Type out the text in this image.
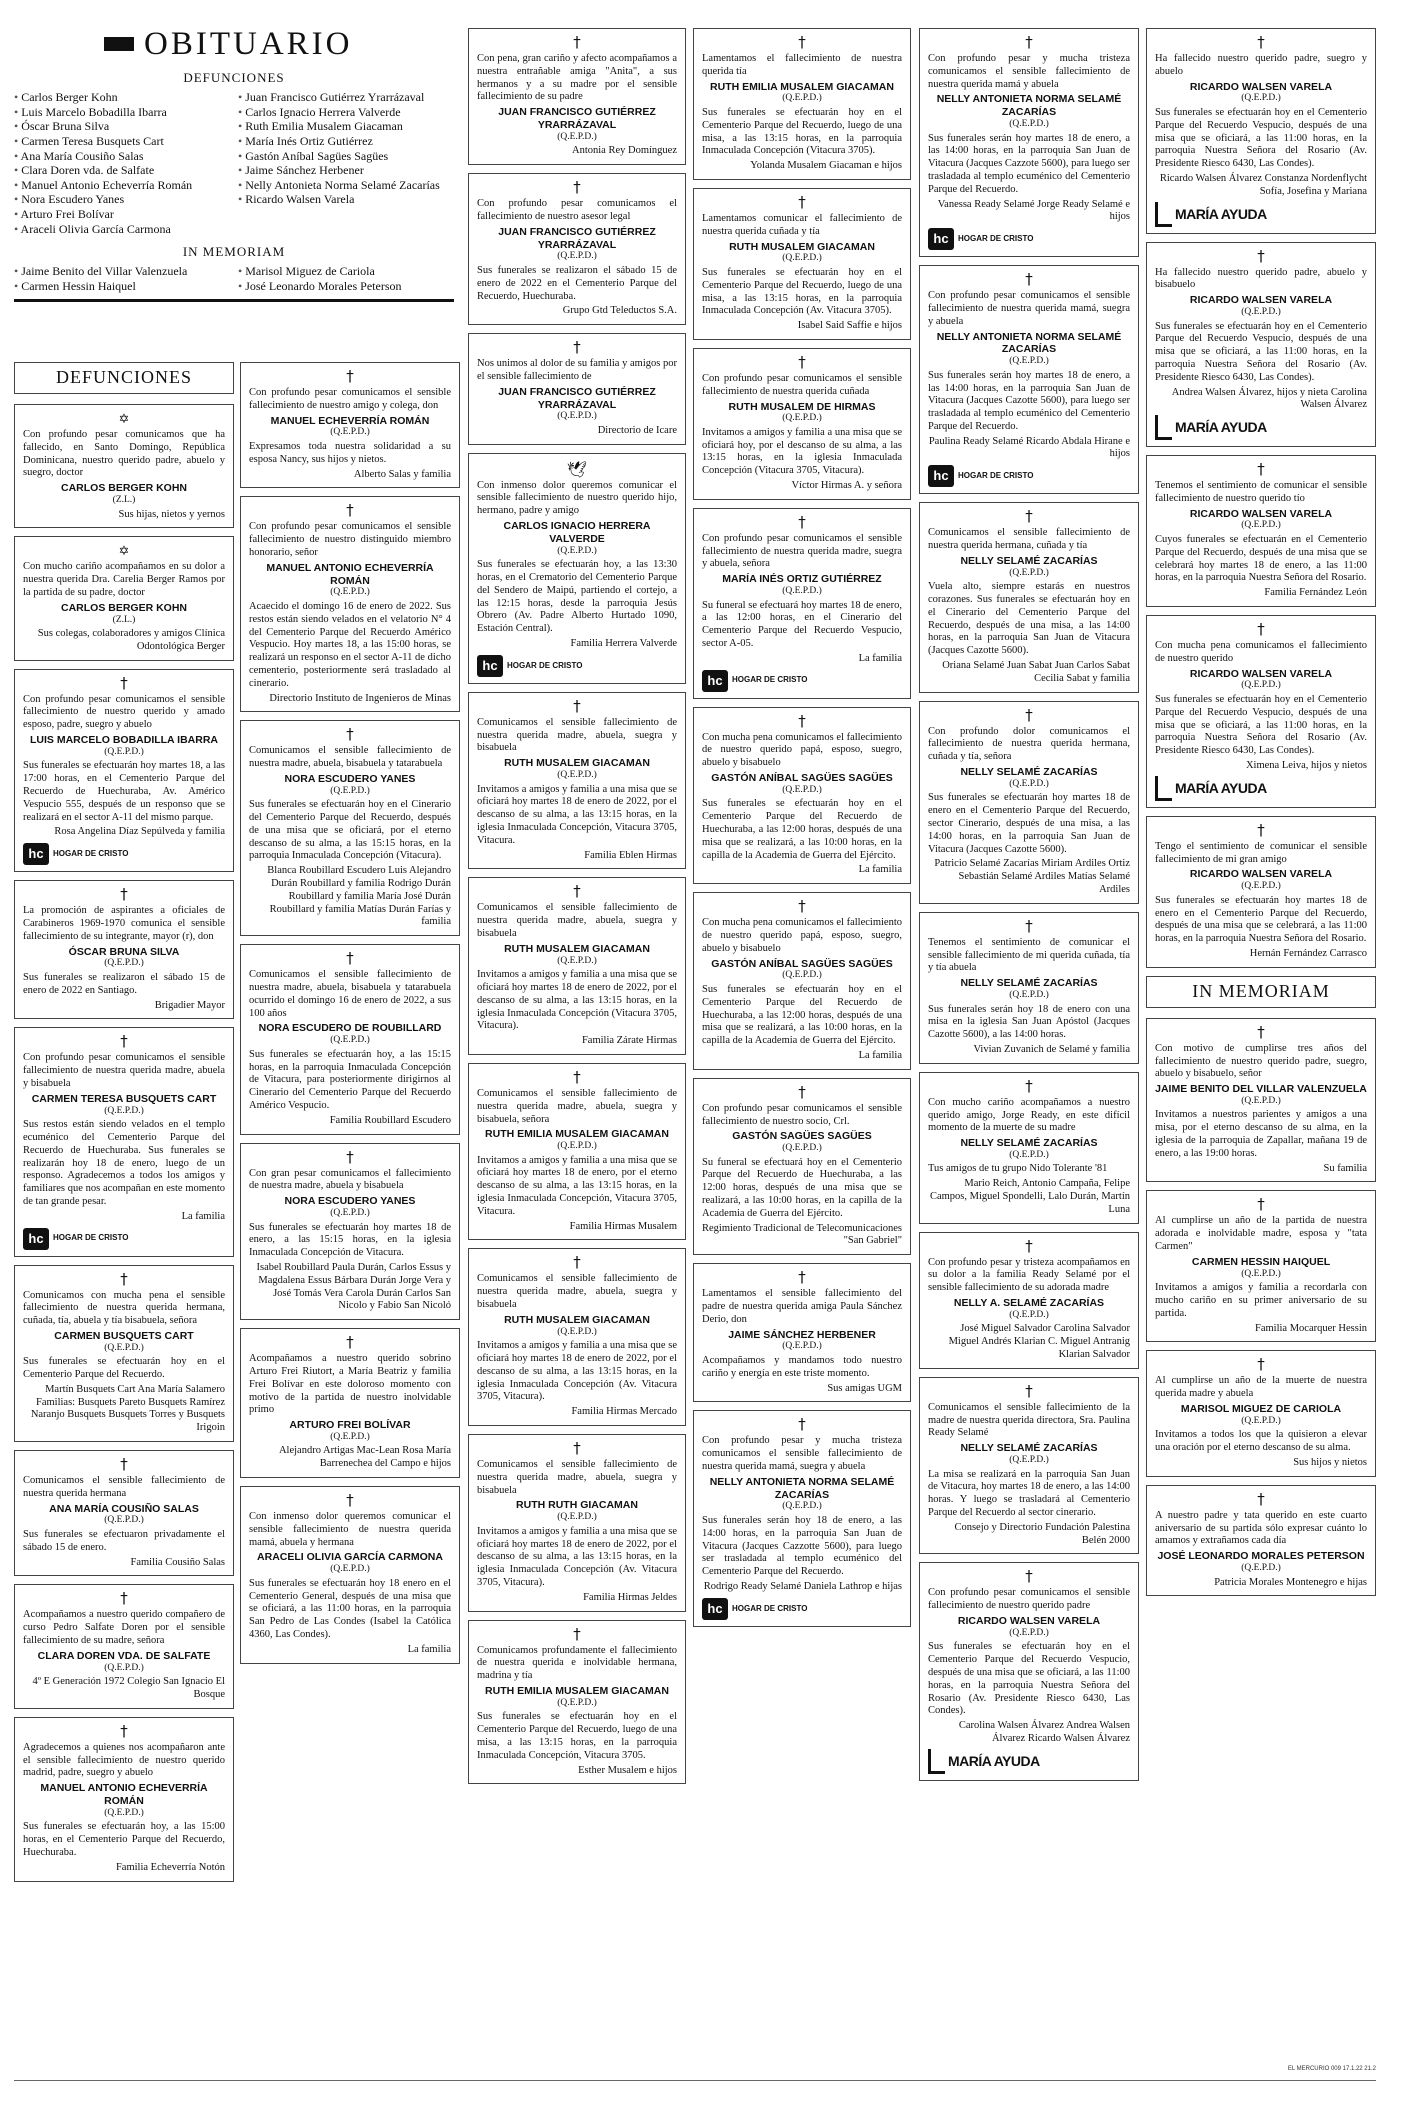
OBITUARIO
DEFUNCIONES
• Carlos Berger Kohn	• Juan Francisco Gutiérrez Yrarrázaval
• Luis Marcelo Bobadilla Ibarra	• Carlos Ignacio Herrera Valverde
• Óscar Bruna Silva	• Ruth Emilia Musalem Giacaman
• Carmen Teresa Busquets Cart	• María Inés Ortiz Gutiérrez
• Ana María Cousiño Salas	• Gastón Aníbal Sagües Sagües
• Clara Doren vda. de Salfate	• Jaime Sánchez Herbener
• Manuel Antonio Echeverría Román	• Nelly Antonieta Norma Selamé Zacarías
• Nora Escudero Yanes	• Ricardo Walsen Varela
• Arturo Frei Bolívar
• Araceli Olivia García Carmona
IN MEMORIAM
• Jaime Benito del Villar Valenzuela	• Marisol Miguez de Cariola
• Carmen Hessin Haiquel	• José Leonardo Morales Peterson
DEFUNCIONES
✡
Con profundo pesar comunicamos que ha fallecido, en Santo Domingo, República Dominicana, nuestro querido padre, abuelo y suegro, doctor
CARLOS BERGER KOHN
(Z.L.)
Sus hijas, nietos y yernos
✡
Con mucho cariño acompañamos en su dolor a nuestra querida Dra. Carelia Berger Ramos por la partida de su padre, doctor
CARLOS BERGER KOHN
(Z.L.)
Sus colegas, colaboradores y amigos Clínica Odontológica Berger
†
Con profundo pesar comunicamos el sensible fallecimiento de nuestro querido y amado esposo, padre, suegro y abuelo
LUIS MARCELO BOBADILLA IBARRA
(Q.E.P.D.)
Sus funerales se efectuarán hoy martes 18, a las 17:00 horas, en el Cementerio Parque del Recuerdo de Huechuraba, Av. Américo Vespucio 555, después de un responso que se realizará en el sector A-11 del mismo parque.
Rosa Angelina Díaz Sepúlveda y familia
hc	HOGAR DE CRISTO
†
La promoción de aspirantes a oficiales de Carabineros 1969-1970 comunica el sensible fallecimiento de su integrante, mayor (r), don
ÓSCAR BRUNA SILVA
(Q.E.P.D.)
Sus funerales se realizaron el sábado 15 de enero de 2022 en Santiago.
Brigadier Mayor
†
Con profundo pesar comunicamos el sensible fallecimiento de nuestra querida madre, abuela y bisabuela
CARMEN TERESA BUSQUETS CART
(Q.E.P.D.)
Sus restos están siendo velados en el templo ecuménico del Cementerio Parque del Recuerdo de Huechuraba. Sus funerales se realizarán hoy 18 de enero, luego de un responso. Agradecemos a todos los amigos y familiares que nos acompañan en este momento de tan grande pesar.
La familia
hc	HOGAR DE CRISTO
†
Comunicamos con mucha pena el sensible fallecimiento de nuestra querida hermana, cuñada, tía, abuela y tía bisabuela, señora
CARMEN BUSQUETS CART
(Q.E.P.D.)
Sus funerales se efectuarán hoy en el Cementerio Parque del Recuerdo.
Martín Busquets Cart Ana María Salamero Familias: Busquets Pareto Busquets Ramírez Naranjo Busquets Busquets Torres y Busquets Irigoin
†
Comunicamos el sensible fallecimiento de nuestra querida hermana
ANA MARÍA COUSIÑO SALAS
(Q.E.P.D.)
Sus funerales se efectuaron privadamente el sábado 15 de enero.
Familia Cousiño Salas
†
Acompañamos a nuestro querido compañero de curso Pedro Salfate Doren por el sensible fallecimiento de su madre, señora
CLARA DOREN VDA. DE SALFATE
(Q.E.P.D.)
4º E Generación 1972 Colegio San Ignacio El Bosque
†
Agradecemos a quienes nos acompañaron ante el sensible fallecimiento de nuestro querido madrid, padre, suegro y abuelo
MANUEL ANTONIO ECHEVERRÍA ROMÁN
(Q.E.P.D.)
Sus funerales se efectuarán hoy, a las 15:00 horas, en el Cementerio Parque del Recuerdo, Huechuraba.
Familia Echeverría Notón
†
Con profundo pesar comunicamos el sensible fallecimiento de nuestro amigo y colega, don
MANUEL ECHEVERRÍA ROMÁN
(Q.E.P.D.)
Expresamos toda nuestra solidaridad a su esposa Nancy, sus hijos y nietos.
Alberto Salas y familia
†
Con profundo pesar comunicamos el sensible fallecimiento de nuestro distinguido miembro honorario, señor
MANUEL ANTONIO ECHEVERRÍA ROMÁN
(Q.E.P.D.)
Acaecido el domingo 16 de enero de 2022. Sus restos están siendo velados en el velatorio N° 4 del Cementerio Parque del Recuerdo Américo Vespucio. Hoy martes 18, a las 15:00 horas, se realizará un responso en el sector A-11 de dicho cementerio, posteriormente será trasladado al cinerario.
Directorio Instituto de Ingenieros de Minas
†
Comunicamos el sensible fallecimiento de nuestra madre, abuela, bisabuela y tatarabuela
NORA ESCUDERO YANES
(Q.E.P.D.)
Sus funerales se efectuarán hoy en el Cinerario del Cementerio Parque del Recuerdo, después de una misa que se oficiará, por el eterno descanso de su alma, a las 15:15 horas, en la parroquia Inmaculada Concepción (Vitacura).
Blanca Roubillard Escudero Luis Alejandro Durán Roubillard y familia Rodrigo Durán Roubillard y familia María José Durán Roubillard y familia Matías Durán Farías y familia
†
Comunicamos el sensible fallecimiento de nuestra madre, abuela, bisabuela y tatarabuela ocurrido el domingo 16 de enero de 2022, a sus 100 años
NORA ESCUDERO DE ROUBILLARD
(Q.E.P.D.)
Sus funerales se efectuarán hoy, a las 15:15 horas, en la parroquia Inmaculada Concepción de Vitacura, para posteriormente dirigirnos al Cinerario del Cementerio Parque del Recuerdo Américo Vespucio.
Familia Roubillard Escudero
†
Con gran pesar comunicamos el fallecimiento de nuestra madre, abuela y bisabuela
NORA ESCUDERO YANES
(Q.E.P.D.)
Sus funerales se efectuarán hoy martes 18 de enero, a las 15:15 horas, en la iglesia Inmaculada Concepción de Vitacura.
Isabel Roubillard Paula Durán, Carlos Essus y Magdalena Essus Bárbara Durán Jorge Vera y José Tomás Vera Carola Durán Carlos San Nicolo y Fabio San Nicoló
†
Acompañamos a nuestro querido sobrino Arturo Frei Riutort, a María Beatriz y familia Frei Bolívar en este doloroso momento con motivo de la partida de nuestro inolvidable primo
ARTURO FREI BOLÍVAR
(Q.E.P.D.)
Alejandro Artigas Mac-Lean Rosa María Barrenechea del Campo e hijos
†
Con inmenso dolor queremos comunicar el sensible fallecimiento de nuestra querida mamá, abuela y hermana
ARACELI OLIVIA GARCÍA CARMONA
(Q.E.P.D.)
Sus funerales se efectuarán hoy 18 enero en el Cementerio General, después de una misa que se oficiará, a las 11:00 horas, en la parroquia San Pedro de Las Condes (Isabel la Católica 4360, Las Condes).
La familia
†
Con pena, gran cariño y afecto acompañamos a nuestra entrañable amiga "Anita", a sus hermanos y a su madre por el sensible fallecimiento de su padre
JUAN FRANCISCO GUTIÉRREZ YRARRÁZAVAL
(Q.E.P.D.)
Antonia Rey Domínguez
†
Con profundo pesar comunicamos el fallecimiento de nuestro asesor legal
JUAN FRANCISCO GUTIÉRREZ YRARRÁZAVAL
(Q.E.P.D.)
Sus funerales se realizaron el sábado 15 de enero de 2022 en el Cementerio Parque del Recuerdo, Huechuraba.
Grupo Gtd Teleductos S.A.
†
Nos unimos al dolor de su familia y amigos por el sensible fallecimiento de
JUAN FRANCISCO GUTIÉRREZ YRARRÁZAVAL
(Q.E.P.D.)
Directorio de Icare
🕊
Con inmenso dolor queremos comunicar el sensible fallecimiento de nuestro querido hijo, hermano, padre y amigo
CARLOS IGNACIO HERRERA VALVERDE
(Q.E.P.D.)
Sus funerales se efectuarán hoy, a las 13:30 horas, en el Crematorio del Cementerio Parque del Sendero de Maipú, partiendo el cortejo, a las 12:15 horas, desde la parroquia Jesús Obrero (Av. Padre Alberto Hurtado 1090, Estación Central).
Familia Herrera Valverde
hc	HOGAR DE CRISTO
†
Comunicamos el sensible fallecimiento de nuestra querida madre, abuela, suegra y bisabuela
RUTH MUSALEM GIACAMAN
(Q.E.P.D.)
Invitamos a amigos y familia a una misa que se oficiará hoy martes 18 de enero de 2022, por el descanso de su alma, a las 13:15 horas, en la iglesia Inmaculada Concepción, Vitacura 3705, Vitacura.
Familia Eblen Hirmas
†
Comunicamos el sensible fallecimiento de nuestra querida madre, abuela, suegra y bisabuela
RUTH MUSALEM GIACAMAN
(Q.E.P.D.)
Invitamos a amigos y familia a una misa que se oficiará hoy martes 18 de enero de 2022, por el descanso de su alma, a las 13:15 horas, en la iglesia Inmaculada Concepción (Vitacura 3705, Vitacura).
Familia Zárate Hirmas
†
Comunicamos el sensible fallecimiento de nuestra querida madre, abuela, suegra y bisabuela, señora
RUTH EMILIA MUSALEM GIACAMAN
(Q.E.P.D.)
Invitamos a amigos y familia a una misa que se oficiará hoy martes 18 de enero, por el eterno descanso de su alma, a las 13:15 horas, en la iglesia Inmaculada Concepción, Vitacura 3705, Vitacura.
Familia Hirmas Musalem
†
Comunicamos el sensible fallecimiento de nuestra querida madre, abuela, suegra y bisabuela
RUTH MUSALEM GIACAMAN
(Q.E.P.D.)
Invitamos a amigos y familia a una misa que se oficiará hoy martes 18 de enero de 2022, por el descanso de su alma, a las 13:15 horas, en la iglesia Inmaculada Concepción (Av. Vitacura 3705, Vitacura).
Familia Hirmas Mercado
†
Comunicamos el sensible fallecimiento de nuestra querida madre, abuela, suegra y bisabuela
RUTH RUTH GIACAMAN
(Q.E.P.D.)
Invitamos a amigos y familia a una misa que se oficiará hoy martes 18 de enero de 2022, por el descanso de su alma, a las 13:15 horas, en la iglesia Inmaculada Concepción (Av. Vitacura 3705, Vitacura).
Familia Hirmas Jeldes
†
Comunicamos profundamente el fallecimiento de nuestra querida e inolvidable hermana, madrina y tía
RUTH EMILIA MUSALEM GIACAMAN
(Q.E.P.D.)
Sus funerales se efectuarán hoy en el Cementerio Parque del Recuerdo, luego de una misa, a las 13:15 horas, en la parroquia Inmaculada Concepción, Vitacura 3705.
Esther Musalem e hijos
†
Lamentamos el fallecimiento de nuestra querida tía
RUTH EMILIA MUSALEM GIACAMAN
(Q.E.P.D.)
Sus funerales se efectuarán hoy en el Cementerio Parque del Recuerdo, luego de una misa, a las 13:15 horas, en la parroquia Inmaculada Concepción (Vitacura 3705).
Yolanda Musalem Giacaman e hijos
†
Lamentamos comunicar el fallecimiento de nuestra querida cuñada y tía
RUTH MUSALEM GIACAMAN
(Q.E.P.D.)
Sus funerales se efectuarán hoy en el Cementerio Parque del Recuerdo, luego de una misa, a las 13:15 horas, en la parroquia Inmaculada Concepción (Av. Vitacura 3705).
Isabel Said Saffie e hijos
†
Con profundo pesar comunicamos el sensible fallecimiento de nuestra querida cuñada
RUTH MUSALEM DE HIRMAS
(Q.E.P.D.)
Invitamos a amigos y familia a una misa que se oficiará hoy, por el descanso de su alma, a las 13:15 horas, en la iglesia Inmaculada Concepción (Vitacura 3705, Vitacura).
Víctor Hirmas A. y señora
†
Con profundo pesar comunicamos el sensible fallecimiento de nuestra querida madre, suegra y abuela, señora
MARÍA INÉS ORTIZ GUTIÉRREZ
(Q.E.P.D.)
Su funeral se efectuará hoy martes 18 de enero, a las 12:00 horas, en el Cinerario del Cementerio Parque del Recuerdo Vespucio, sector A-05.
La familia
hc	HOGAR DE CRISTO
†
Con mucha pena comunicamos el fallecimiento de nuestro querido papá, esposo, suegro, abuelo y bisabuelo
GASTÓN ANÍBAL SAGÜES SAGÜES
(Q.E.P.D.)
Sus funerales se efectuarán hoy en el Cementerio Parque del Recuerdo de Huechuraba, a las 12:00 horas, después de una misa que se realizará, a las 10:00 horas, en la capilla de la Academia de Guerra del Ejército.
La familia
†
Con mucha pena comunicamos el fallecimiento de nuestro querido papá, esposo, suegro, abuelo y bisabuelo
GASTÓN ANÍBAL SAGÜES SAGÜES
(Q.E.P.D.)
Sus funerales se efectuarán hoy en el Cementerio Parque del Recuerdo de Huechuraba, a las 12:00 horas, después de una misa que se realizará, a las 10:00 horas, en la capilla de la Academia de Guerra del Ejército.
La familia
†
Con profundo pesar comunicamos el sensible fallecimiento de nuestro socio, Crl.
GASTÓN SAGÜES SAGÜES
(Q.E.P.D.)
Su funeral se efectuará hoy en el Cementerio Parque del Recuerdo de Huechuraba, a las 12:00 horas, después de una misa que se realizará, a las 10:00 horas, en la capilla de la Academia de Guerra del Ejército.
Regimiento Tradicional de Telecomunicaciones "San Gabriel"
†
Lamentamos el sensible fallecimiento del padre de nuestra querida amiga Paula Sánchez Derio, don
JAIME SÁNCHEZ HERBENER
(Q.E.P.D.)
Acompañamos y mandamos todo nuestro cariño y energía en este triste momento.
Sus amigas UGM
†
Con profundo pesar y mucha tristeza comunicamos el sensible fallecimiento de nuestra querida mamá, suegra y abuela
NELLY ANTONIETA NORMA SELAMÉ ZACARÍAS
(Q.E.P.D.)
Sus funerales serán hoy 18 de enero, a las 14:00 horas, en la parroquia San Juan de Vitacura (Jacques Cazzotte 5600), para luego ser trasladada al templo ecuménico del Cementerio Parque del Recuerdo.
Rodrigo Ready Selamé Daniela Lathrop e hijas
hc	HOGAR DE CRISTO
†
Con profundo pesar y mucha tristeza comunicamos el sensible fallecimiento de nuestra querida mamá y abuela
NELLY ANTONIETA NORMA SELAMÉ ZACARÍAS
(Q.E.P.D.)
Sus funerales serán hoy martes 18 de enero, a las 14:00 horas, en la parroquia San Juan de Vitacura (Jacques Cazzote 5600), para luego ser trasladada al templo ecuménico del Cementerio Parque del Recuerdo.
Vanessa Ready Selamé Jorge Ready Selamé e hijos
hc	HOGAR DE CRISTO
†
Con profundo pesar comunicamos el sensible fallecimiento de nuestra querida mamá, suegra y abuela
NELLY ANTONIETA NORMA SELAMÉ ZACARÍAS
(Q.E.P.D.)
Sus funerales serán hoy martes 18 de enero, a las 14:00 horas, en la parroquia San Juan de Vitacura (Jacques Cazotte 5600), para luego ser trasladada al templo ecuménico del Cementerio Parque del Recuerdo.
Paulina Ready Selamé Ricardo Abdala Hirane e hijos
hc	HOGAR DE CRISTO
†
Comunicamos el sensible fallecimiento de nuestra querida hermana, cuñada y tía
NELLY SELAMÉ ZACARÍAS
(Q.E.P.D.)
Vuela alto, siempre estarás en nuestros corazones. Sus funerales se efectuarán hoy en el Cinerario del Cementerio Parque del Recuerdo, después de una misa, a las 14:00 horas, en la parroquia San Juan de Vitacura (Jacques Cazotte 5600).
Oriana Selamé Juan Sabat Juan Carlos Sabat Cecilia Sabat y familia
†
Con profundo dolor comunicamos el fallecimiento de nuestra querida hermana, cuñada y tía, señora
NELLY SELAMÉ ZACARÍAS
(Q.E.P.D.)
Sus funerales se efectuarán hoy martes 18 de enero en el Cementerio Parque del Recuerdo, sector Cinerario, después de una misa, a las 14:00 horas, en la parroquia San Juan de Vitacura (Jacques Cazotte 5600).
Patricio Selamé Zacarías Miriam Ardiles Ortiz Sebastián Selamé Ardiles Matías Selamé Ardiles
†
Tenemos el sentimiento de comunicar el sensible fallecimiento de mi querida cuñada, tía y tía abuela
NELLY SELAMÉ ZACARÍAS
(Q.E.P.D.)
Sus funerales serán hoy 18 de enero con una misa en la iglesia San Juan Apóstol (Jacques Cazotte 5600), a las 14:00 horas.
Vivian Zuvanich de Selamé y familia
†
Con mucho cariño acompañamos a nuestro querido amigo, Jorge Ready, en este difícil momento de la muerte de su madre
NELLY SELAMÉ ZACARÍAS
(Q.E.P.D.)
Tus amigos de tu grupo Nido Tolerante '81
Mario Reich, Antonio Campaña, Felipe Campos, Miguel Spondelli, Lalo Durán, Martín Luna
†
Con profundo pesar y tristeza acompañamos en su dolor a la familia Ready Selamé por el sensible fallecimiento de su adorada madre
NELLY A. SELAMÉ ZACARÍAS
(Q.E.P.D.)
José Miguel Salvador Carolina Salvador Miguel Andrés Klarian C. Miguel Antranig Klarian Salvador
†
Comunicamos el sensible fallecimiento de la madre de nuestra querida directora, Sra. Paulina Ready Selamé
NELLY SELAMÉ ZACARÍAS
(Q.E.P.D.)
La misa se realizará en la parroquia San Juan de Vitacura, hoy martes 18 de enero, a las 14:00 horas. Y luego se trasladará al Cementerio Parque del Recuerdo al sector cinerario.
Consejo y Directorio Fundación Palestina Belén 2000
†
Con profundo pesar comunicamos el sensible fallecimiento de nuestro querido padre
RICARDO WALSEN VARELA
(Q.E.P.D.)
Sus funerales se efectuarán hoy en el Cementerio Parque del Recuerdo Vespucio, después de una misa que se oficiará, a las 11:00 horas, en la parroquia Nuestra Señora del Rosario (Av. Presidente Riesco 6430, Las Condes).
Carolina Walsen Álvarez Andrea Walsen Álvarez Ricardo Walsen Álvarez
MARÍA AYUDA
†
Ha fallecido nuestro querido padre, suegro y abuelo
RICARDO WALSEN VARELA
(Q.E.P.D.)
Sus funerales se efectuarán hoy en el Cementerio Parque del Recuerdo Vespucio, después de una misa que se oficiará, a las 11:00 horas, en la parroquia Nuestra Señora del Rosario (Av. Presidente Riesco 6430, Las Condes).
Ricardo Walsen Álvarez Constanza Nordenflycht Sofía, Josefina y Mariana
MARÍA AYUDA
†
Ha fallecido nuestro querido padre, abuelo y bisabuelo
RICARDO WALSEN VARELA
(Q.E.P.D.)
Sus funerales se efectuarán hoy en el Cementerio Parque del Recuerdo Vespucio, después de una misa que se oficiará, a las 11:00 horas, en la parroquia Nuestra Señora del Rosario (Av. Presidente Riesco 6430, Las Condes).
Andrea Walsen Álvarez, hijos y nieta Carolina Walsen Álvarez
MARÍA AYUDA
†
Tenemos el sentimiento de comunicar el sensible fallecimiento de nuestro querido tío
RICARDO WALSEN VARELA
(Q.E.P.D.)
Cuyos funerales se efectuarán en el Cementerio Parque del Recuerdo, después de una misa que se celebrará hoy martes 18 de enero, a las 11:00 horas, en la parroquia Nuestra Señora del Rosario.
Familia Fernández León
†
Con mucha pena comunicamos el fallecimiento de nuestro querido
RICARDO WALSEN VARELA
(Q.E.P.D.)
Sus funerales se efectuarán hoy en el Cementerio Parque del Recuerdo Vespucio, después de una misa que se oficiará, a las 11:00 horas, en la parroquia Nuestra Señora del Rosario (Av. Presidente Riesco 6430, Las Condes).
Ximena Leiva, hijos y nietos
MARÍA AYUDA
†
Tengo el sentimiento de comunicar el sensible fallecimiento de mi gran amigo
RICARDO WALSEN VARELA
(Q.E.P.D.)
Sus funerales se efectuarán hoy martes 18 de enero en el Cementerio Parque del Recuerdo, después de una misa que se celebrará, a las 11:00 horas, en la parroquia Nuestra Señora del Rosario.
Hernán Fernández Carrasco
IN MEMORIAM
†
Con motivo de cumplirse tres años del fallecimiento de nuestro querido padre, suegro, abuelo y bisabuelo, señor
JAIME BENITO DEL VILLAR VALENZUELA
(Q.E.P.D.)
Invitamos a nuestros parientes y amigos a una misa, por el eterno descanso de su alma, en la iglesia de la parroquia de Zapallar, mañana 19 de enero, a las 19:00 horas.
Su familia
†
Al cumplirse un año de la partida de nuestra adorada e inolvidable madre, esposa y "tata Carmen"
CARMEN HESSIN HAIQUEL
(Q.E.P.D.)
Invitamos a amigos y familia a recordarla con mucho cariño en su primer aniversario de su partida.
Familia Mocarquer Hessin
†
Al cumplirse un año de la muerte de nuestra querida madre y abuela
MARISOL MIGUEZ DE CARIOLA
(Q.E.P.D.)
Invitamos a todos los que la quisieron a elevar una oración por el eterno descanso de su alma.
Sus hijos y nietos
†
A nuestro padre y tata querido en este cuarto aniversario de su partida sólo expresar cuánto lo amamos y extrañamos cada día
JOSÉ LEONARDO MORALES PETERSON
(Q.E.P.D.)
Patricia Morales Montenegro e hijas
EL MERCURIO 009 17.1.22 21.2
